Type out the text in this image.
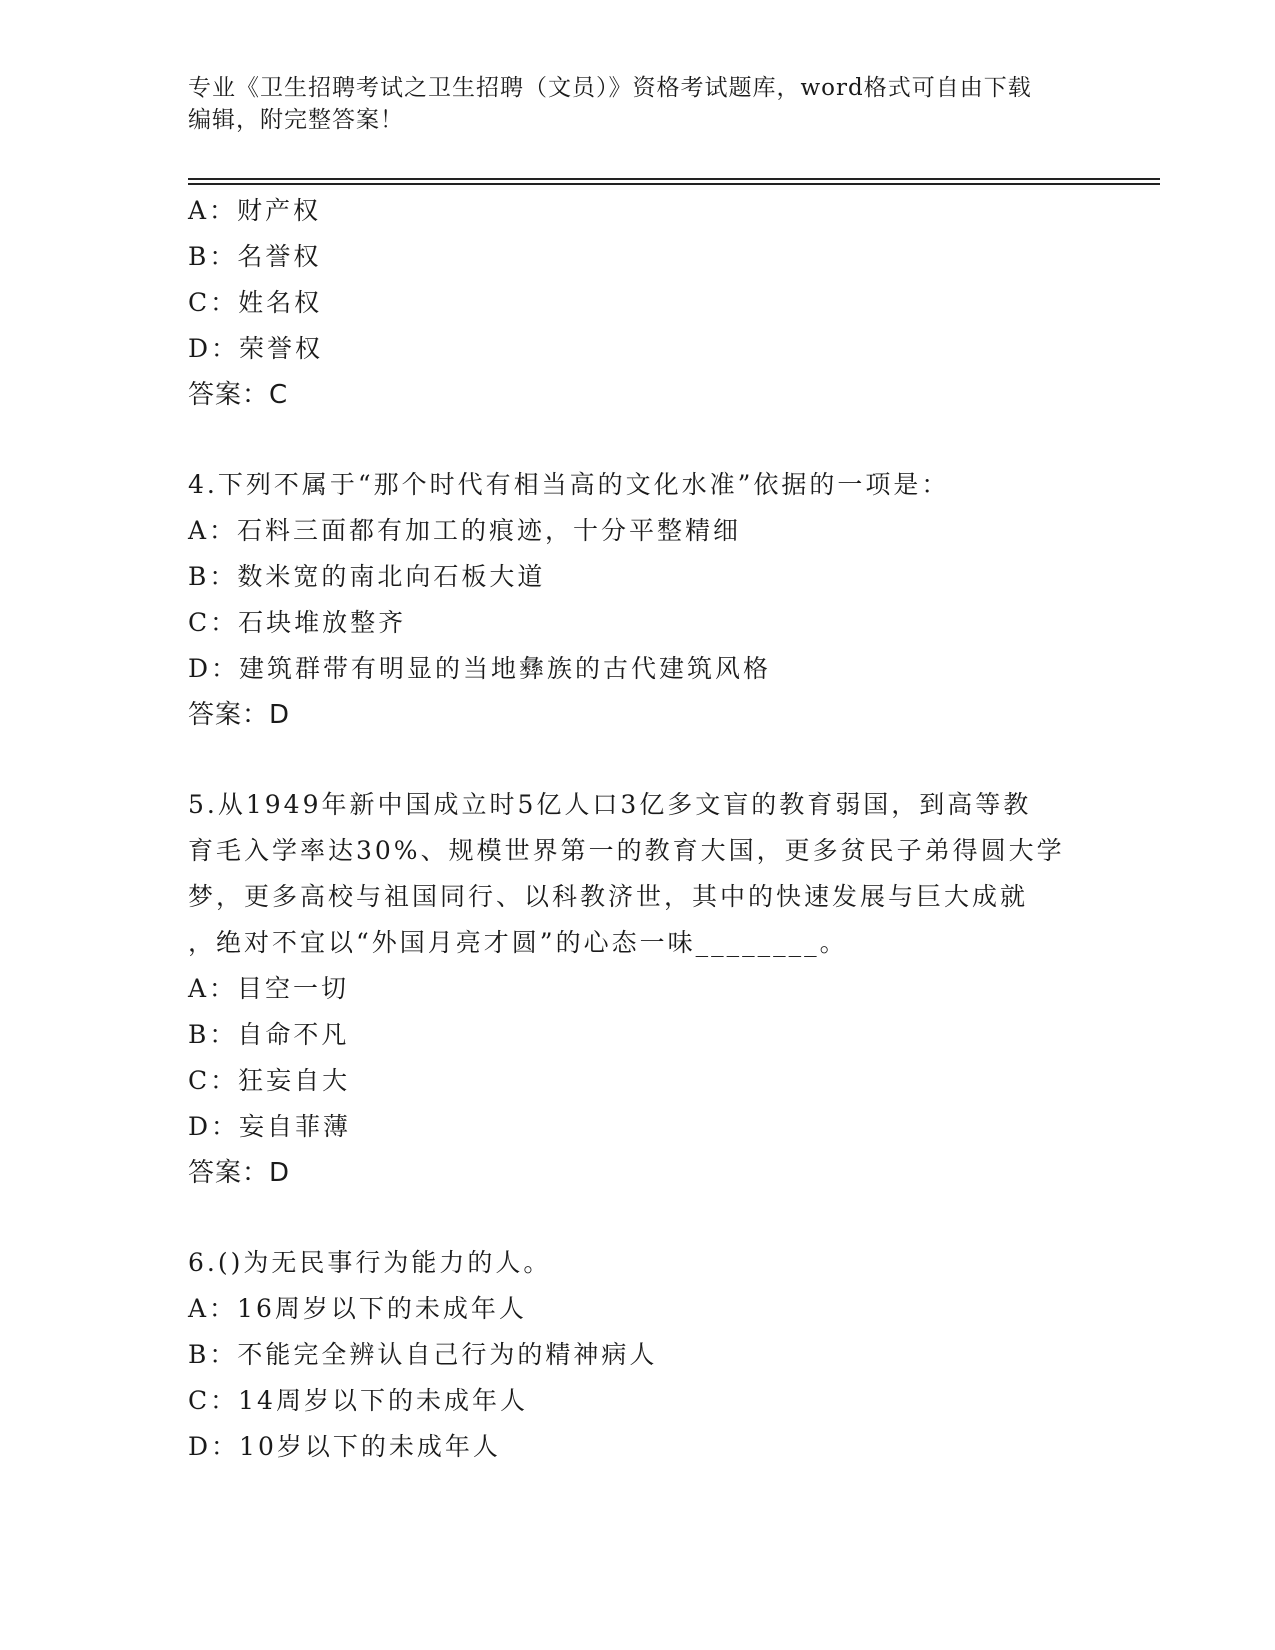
专业《卫生招聘考试之卫生招聘（文员）》资格考试题库，word格式可自由下载
编辑，附完整答案！
A：财产权
B：名誉权
C：姓名权
D：荣誉权
答案：C
4.下列不属于“那个时代有相当高的文化水准”依据的一项是：
A：石料三面都有加工的痕迹，十分平整精细
B：数米宽的南北向石板大道
C：石块堆放整齐
D：建筑群带有明显的当地彝族的古代建筑风格
答案：D
5.从1949年新中国成立时5亿人口3亿多文盲的教育弱国，到高等教
育毛入学率达30%、规模世界第一的教育大国，更多贫民子弟得圆大学
梦，更多高校与祖国同行、以科教济世，其中的快速发展与巨大成就
，绝对不宜以“外国月亮才圆”的心态一味________。
A：目空一切
B：自命不凡
C：狂妄自大
D：妄自菲薄
答案：D
6.()为无民事行为能力的人。
A：16周岁以下的未成年人
B：不能完全辨认自己行为的精神病人
C：14周岁以下的未成年人
D：10岁以下的未成年人
